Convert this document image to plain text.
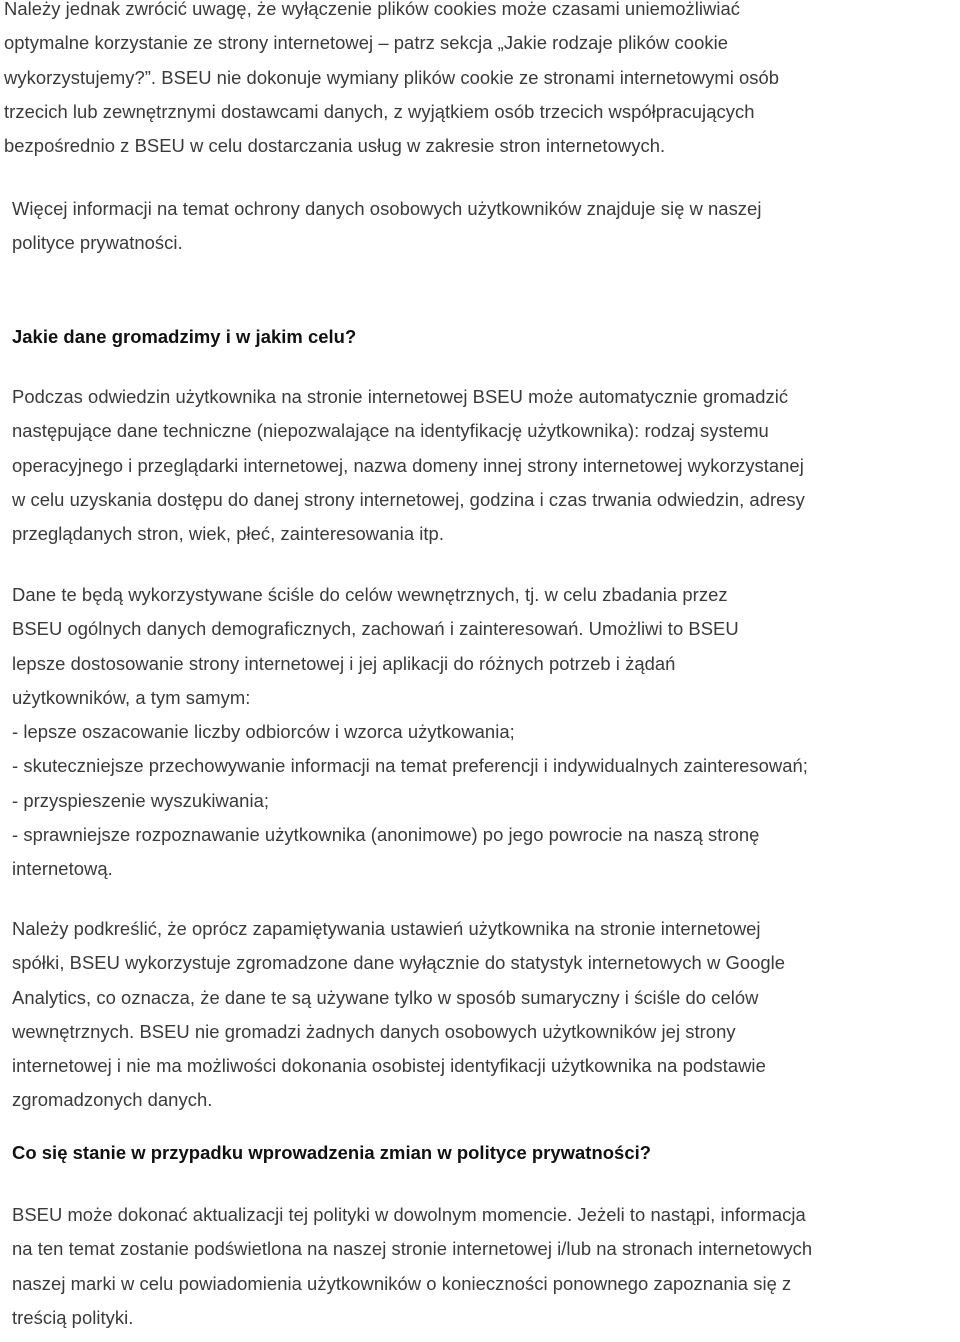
Należy jednak zwrócić uwagę, że wyłączenie plików cookies może czasami uniemożliwiać
optymalne korzystanie ze strony internetowej – patrz sekcja „Jakie rodzaje plików cookie
wykorzystujemy?”. BSEU nie dokonuje wymiany plików cookie ze stronami internetowymi osób
trzecich lub zewnętrznymi dostawcami danych, z wyjątkiem osób trzecich współpracujących
bezpośrednio z BSEU w celu dostarczania usług w zakresie stron internetowych.
Więcej informacji na temat ochrony danych osobowych użytkowników znajduje się w naszej
polityce prywatności.
Jakie dane gromadzimy i w jakim celu?
Podczas odwiedzin użytkownika na stronie internetowej BSEU może automatycznie gromadzić
następujące dane techniczne (niepozwalające na identyfikację użytkownika): rodzaj systemu
operacyjnego i przeglądarki internetowej, nazwa domeny innej strony internetowej wykorzystanej
w celu uzyskania dostępu do danej strony internetowej, godzina i czas trwania odwiedzin, adresy
przeglądanych stron, wiek, płeć, zainteresowania itp.
Dane te będą wykorzystywane ściśle do celów wewnętrznych, tj. w celu zbadania przez
BSEU ogólnych danych demograficznych, zachowań i zainteresowań. Umożliwi to BSEU
lepsze dostosowanie strony internetowej i jej aplikacji do różnych potrzeb i żądań
użytkowników, a tym samym:
- lepsze oszacowanie liczby odbiorców i wzorca użytkowania;
- skuteczniejsze przechowywanie informacji na temat preferencji i indywidualnych zainteresowań;
- przyspieszenie wyszukiwania;
- sprawniejsze rozpoznawanie użytkownika (anonimowe) po jego powrocie na naszą stronę
internetową.
Należy podkreślić, że oprócz zapamiętywania ustawień użytkownika na stronie internetowej
spółki, BSEU wykorzystuje zgromadzone dane wyłącznie do statystyk internetowych w Google
Analytics, co oznacza, że dane te są używane tylko w sposób sumaryczny i ściśle do celów
wewnętrznych. BSEU nie gromadzi żadnych danych osobowych użytkowników jej strony
internetowej i nie ma możliwości dokonania osobistej identyfikacji użytkownika na podstawie
zgromadzonych danych.
Co się stanie w przypadku wprowadzenia zmian w polityce prywatności?
BSEU może dokonać aktualizacji tej polityki w dowolnym momencie. Jeżeli to nastąpi, informacja
na ten temat zostanie podświetlona na naszej stronie internetowej i/lub na stronach internetowych
naszej marki w celu powiadomienia użytkowników o konieczności ponownego zapoznania się z
treścią polityki.
